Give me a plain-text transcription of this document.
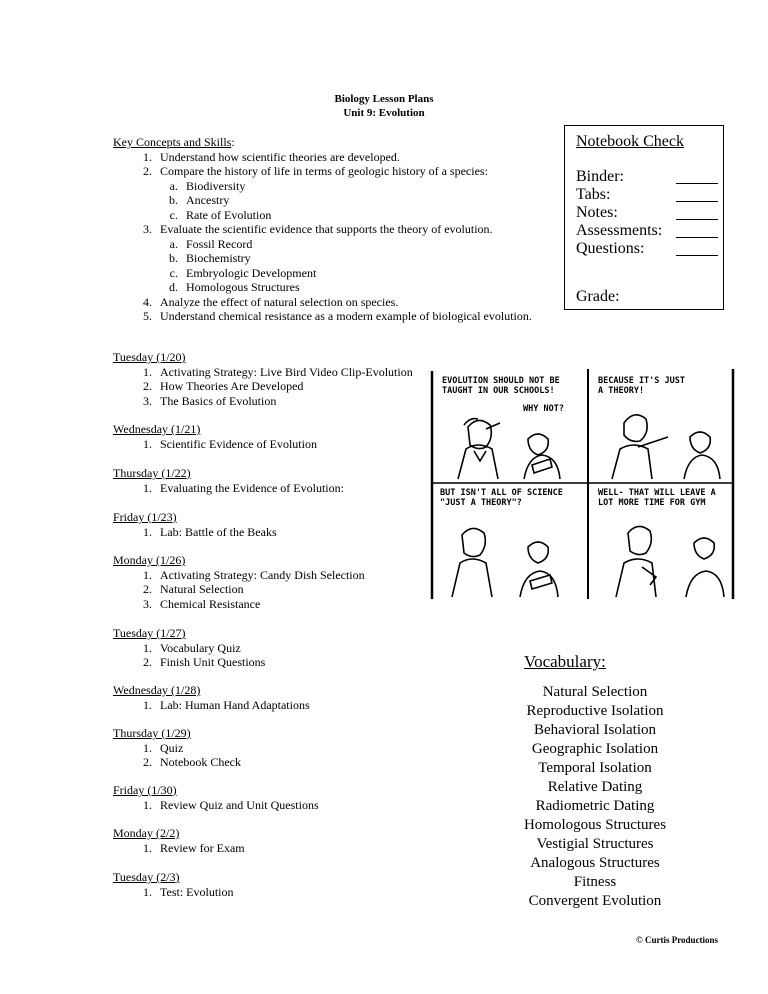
Biology Lesson Plans
Unit 9: Evolution
Key Concepts and Skills:
1. Understand how scientific theories are developed.
2. Compare the history of life in terms of geologic history of a species:
a. Biodiversity
b. Ancestry
c. Rate of Evolution
3. Evaluate the scientific evidence that supports the theory of evolution.
a. Fossil Record
b. Biochemistry
c. Embryologic Development
d. Homologous Structures
4. Analyze the effect of natural selection on species.
5. Understand chemical resistance as a modern example of biological evolution.
Notebook Check
Binder:
Tabs:
Notes:
Assessments:
Questions:
Grade:
Tuesday (1/20)
1. Activating Strategy: Live Bird Video Clip-Evolution
2. How Theories Are Developed
3. The Basics of Evolution
Wednesday (1/21)
1. Scientific Evidence of Evolution
Thursday (1/22)
1. Evaluating the Evidence of Evolution:
Friday (1/23)
1. Lab: Battle of the Beaks
Monday (1/26)
1. Activating Strategy: Candy Dish Selection
2. Natural Selection
3. Chemical Resistance
Tuesday (1/27)
1. Vocabulary Quiz
2. Finish Unit Questions
Wednesday (1/28)
1. Lab: Human Hand Adaptations
Thursday (1/29)
1. Quiz
2. Notebook Check
Friday (1/30)
1. Review Quiz and Unit Questions
Monday (2/2)
1. Review for Exam
Tuesday (2/3)
1. Test: Evolution
EVOLUTION SHOULD NOT BE TAUGHT IN OUR SCHOOLS!
WHY NOT?
BECAUSE IT'S JUST A THEORY!
BUT ISN'T ALL OF SCIENCE "JUST A THEORY"?
WELL- THAT WILL LEAVE A LOT MORE TIME FOR GYM
Vocabulary:
Natural Selection
Reproductive Isolation
Behavioral Isolation
Geographic Isolation
Temporal Isolation
Relative Dating
Radiometric Dating
Homologous Structures
Vestigial Structures
Analogous Structures
Fitness
Convergent Evolution
© Curtis Productions
